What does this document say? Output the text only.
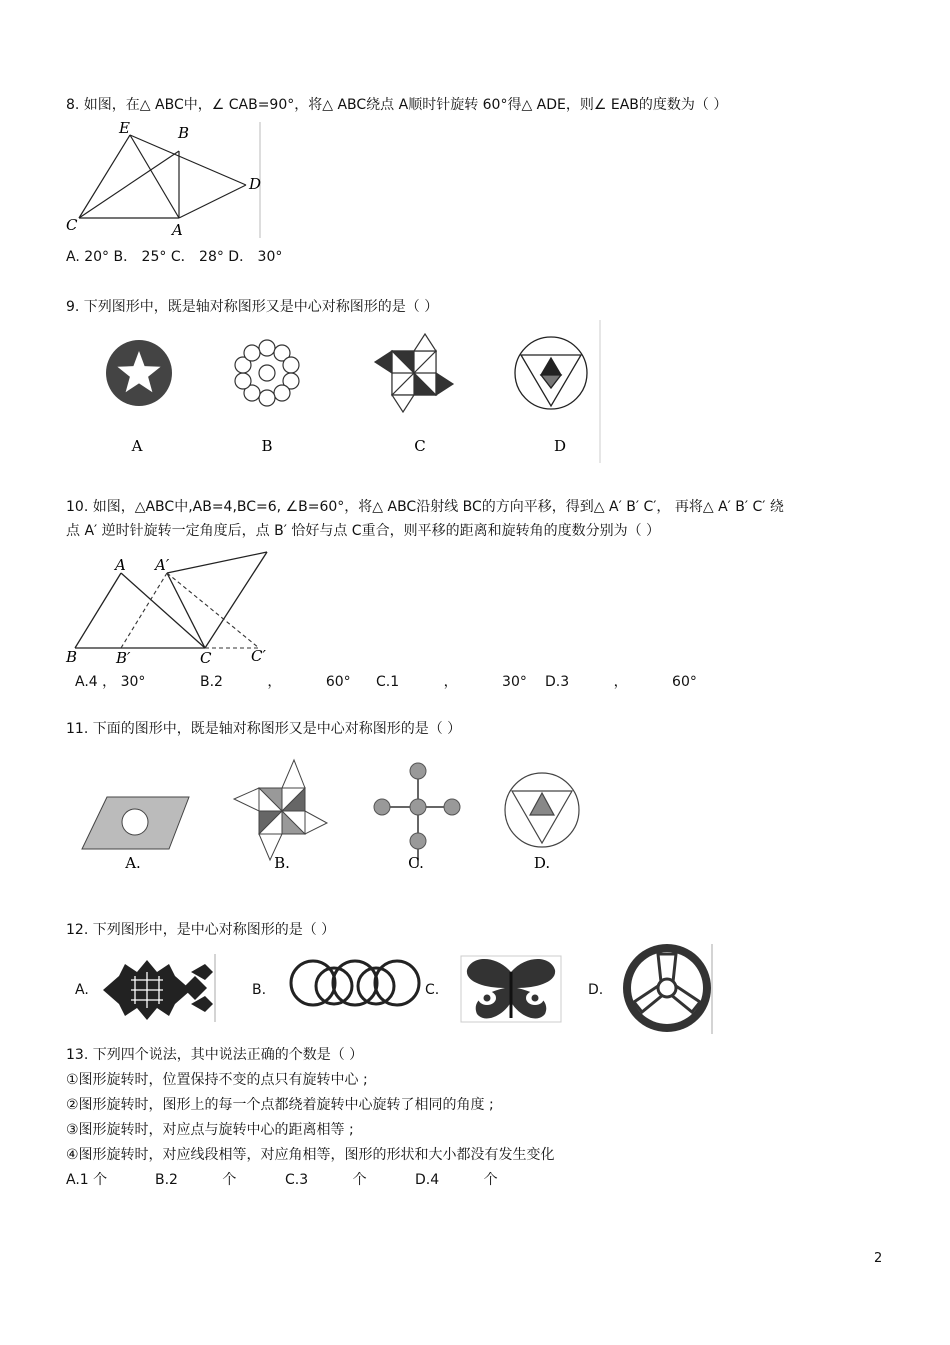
8. 如图，在△ ABC中，∠ CAB=90°，将△ ABC绕点 A顺时针旋转 60°得△ ADE，则∠ EAB的度数为（ ）
E	B
D
C	A
A. 20° B． 25° C． 28° D． 30°
9. 下列图形中，既是轴对称图形又是中心对称图形的是（ ）
A	B	C	D
10. 如图，△ABC中,AB=4,BC=6, ∠B=60°，将△ ABC沿射线 BC的方向平移，得到△ A′ B′ C′， 再将△ A′ B′ C′ 绕
点 A′ 逆时针旋转一定角度后，点 B′ 恰好与点 C重合，则平移的距离和旋转角的度数分别为（ ）
A A′
B	B′	C	C′
A.4 ， 30°	B.2 ， 60° C.1 ， 30° D.3 ， 60°
11. 下面的图形中，既是轴对称图形又是中心对称图形的是（ ）
A.	B.	C.	D.
12. 下列图形中，是中心对称图形的是（ ）
A.	B.	C.	D.
13. 下列四个说法，其中说法正确的个数是（ ）
①图形旋转时，位置保持不变的点只有旋转中心 ;
②图形旋转时，图形上的每一个点都绕着旋转中心旋转了相同的角度 ;
③图形旋转时，对应点与旋转中心的距离相等 ;
④图形旋转时，对应线段相等，对应角相等，图形的形状和大小都没有发生变化
A.1 个	B.2 个	C.3 个	D.4 个
2
